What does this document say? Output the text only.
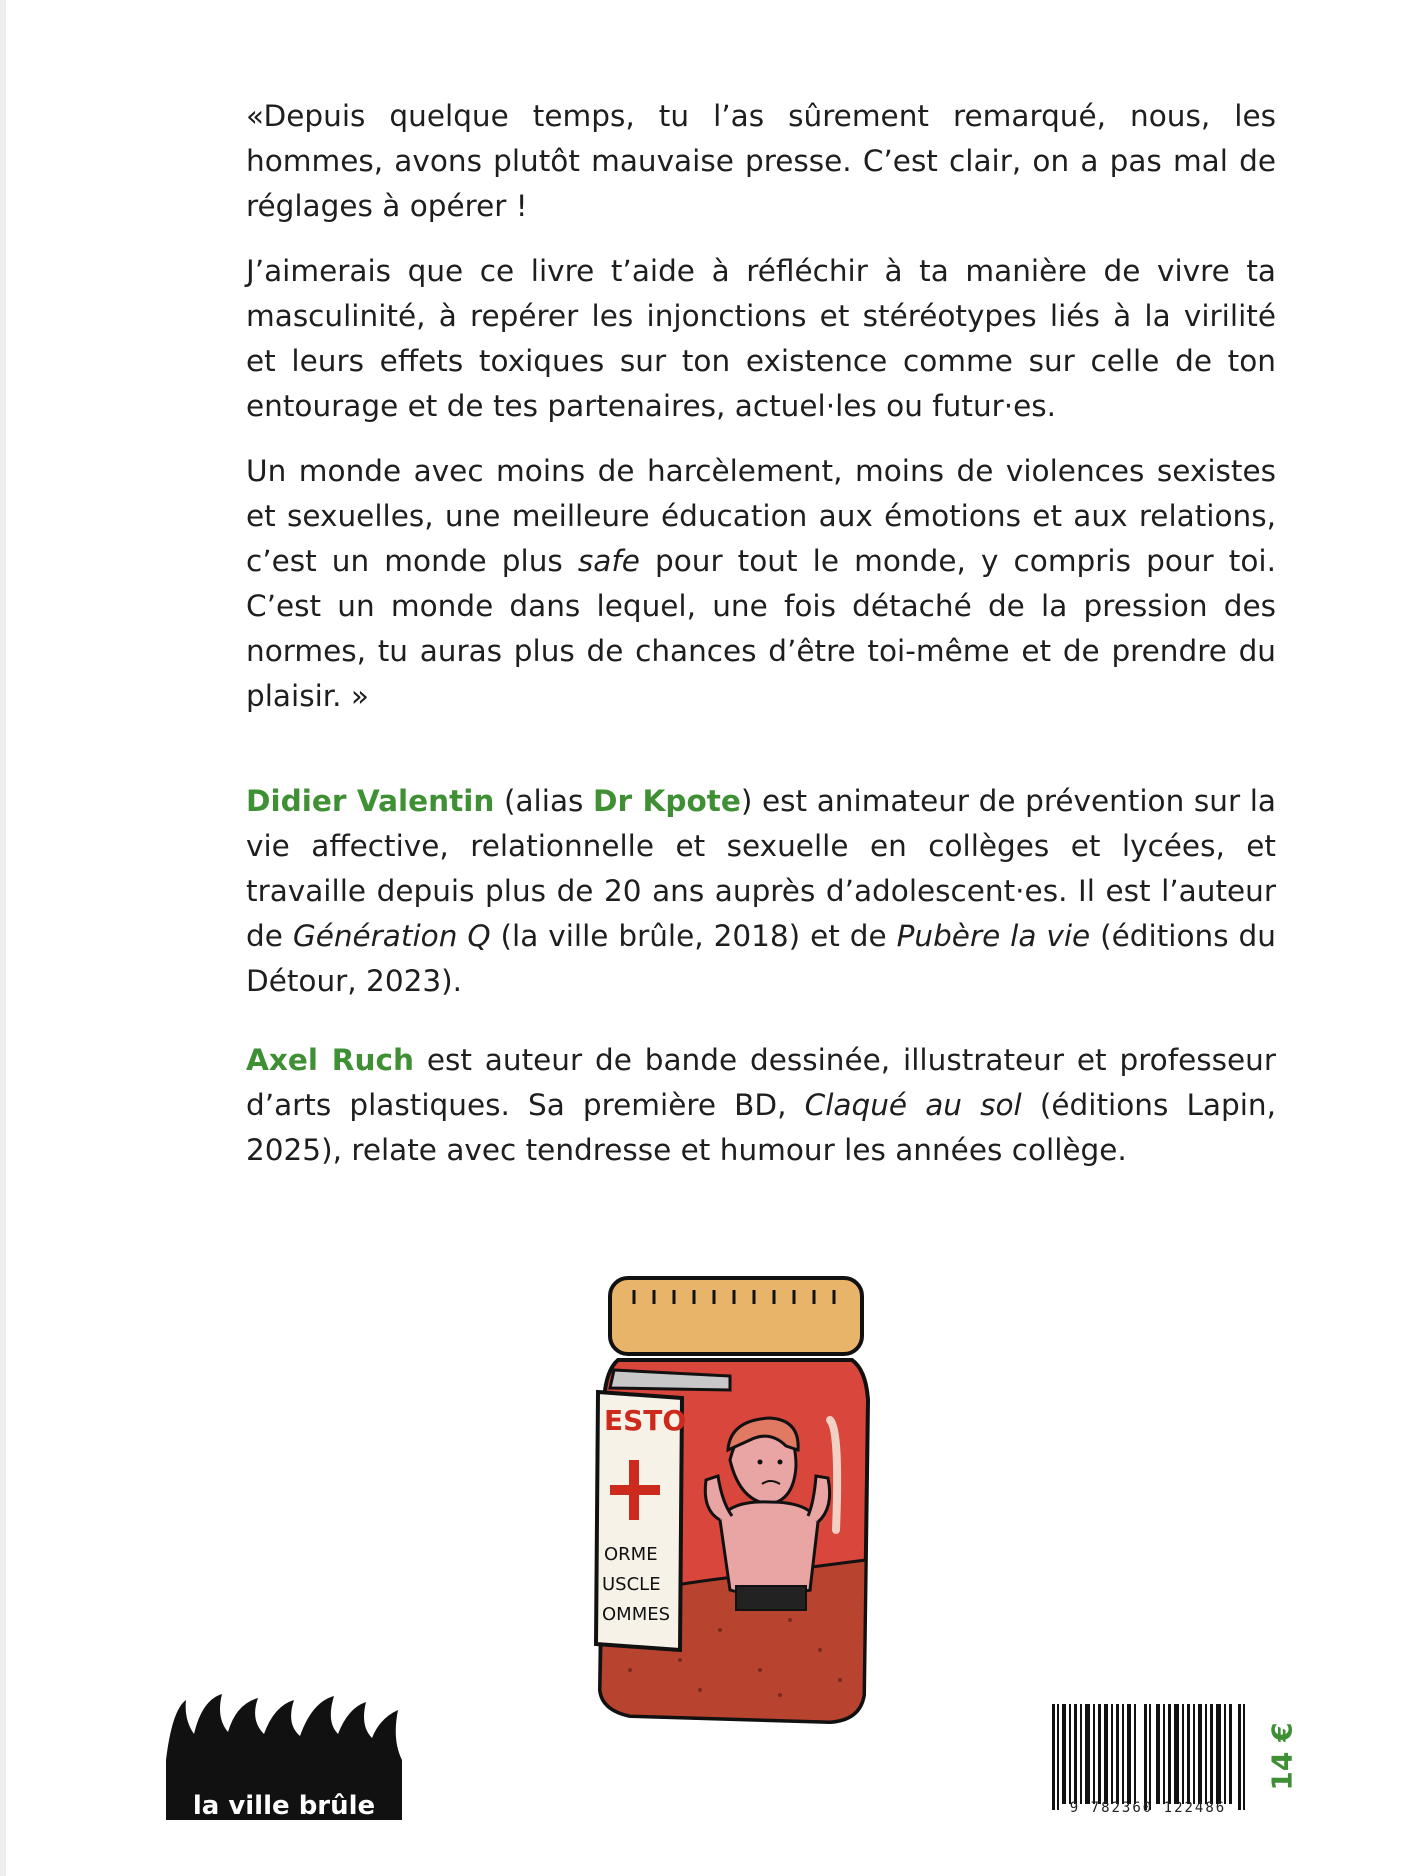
«Depuis quelque temps, tu l’as sûrement remarqué, nous, les hommes, avons plutôt mauvaise presse. C’est clair, on a pas mal de réglages à opérer !

J’aimerais que ce livre t’aide à réfléchir à ta manière de vivre ta masculinité, à repérer les injonctions et stéréotypes liés à la virilité et leurs effets toxiques sur ton existence comme sur celle de ton entourage et de tes partenaires, actuel·les ou futur·es.

Un monde avec moins de harcèlement, moins de violences sexistes et sexuelles, une meilleure éducation aux émotions et aux relations, c’est un monde plus safe pour tout le monde, y compris pour toi. C’est un monde dans lequel, une fois détaché de la pression des normes, tu auras plus de chances d’être toi-même et de prendre du plaisir. »

Didier Valentin (alias Dr Kpote) est animateur de prévention sur la vie affective, relationnelle et sexuelle en collèges et lycées, et travaille depuis plus de 20 ans auprès d’adolescent·es. Il est l’auteur de Génération Q (la ville brûle, 2018) et de Pubère la vie (éditions du Détour, 2023).

Axel Ruch est auteur de bande dessinée, illustrateur et professeur d’arts plastiques. Sa première BD, Claqué au sol (éditions Lapin, 2025), relate avec tendresse et humour les années collège.

ESTO
ORME
USCLE
OMMES
la ville brûle	9 782360 122486
14 €
